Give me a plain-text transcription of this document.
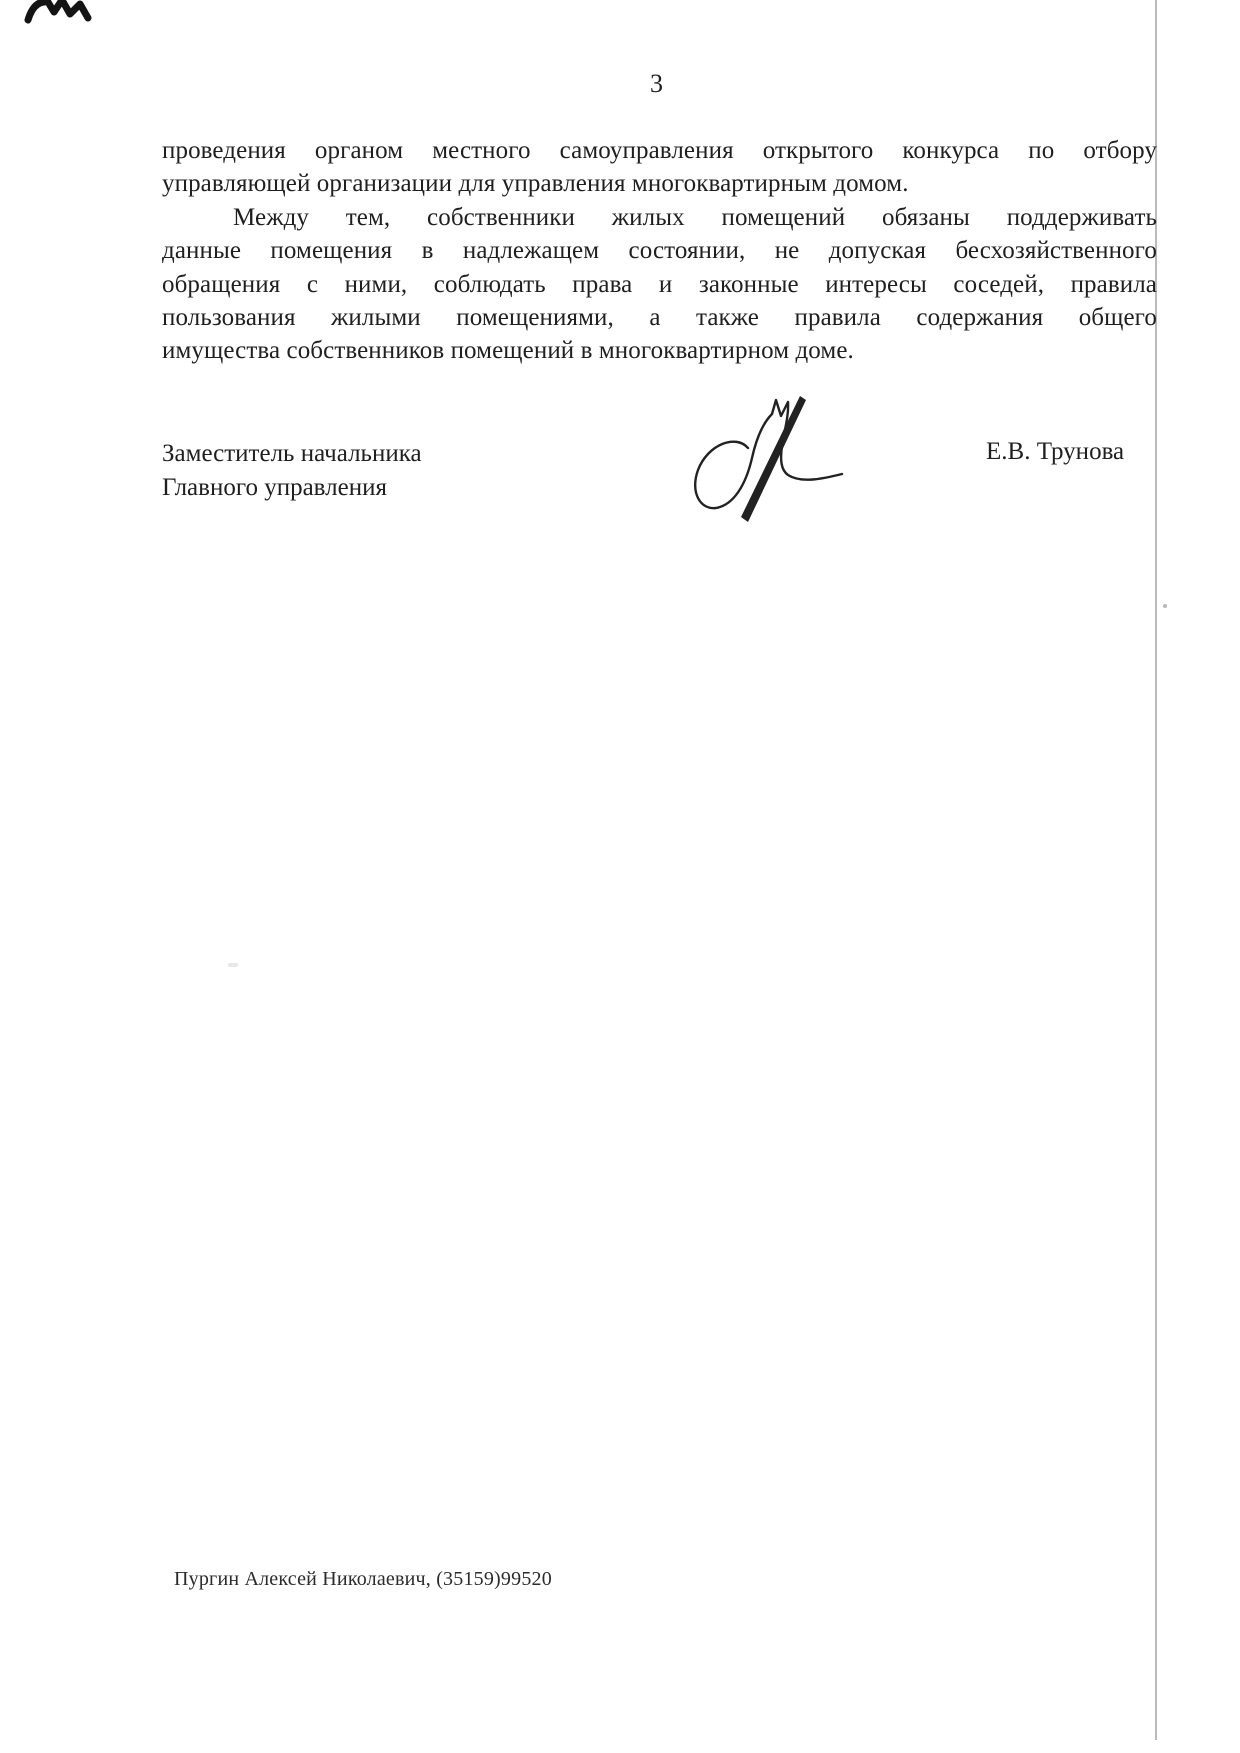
3
проведения органом местного самоуправления открытого конкурса по отбору
управляющей организации для управления многоквартирным домом.
Между тем, собственники жилых помещений обязаны поддерживать
данные помещения в надлежащем состоянии, не допуская бесхозяйственного
обращения с ними, соблюдать права и законные интересы соседей, правила
пользования жилыми помещениями, а также правила содержания общего
имущества собственников помещений в многоквартирном доме.
Заместитель начальника
Главного управления
Е.В. Трунова
Пургин Алексей Николаевич, (35159)99520
